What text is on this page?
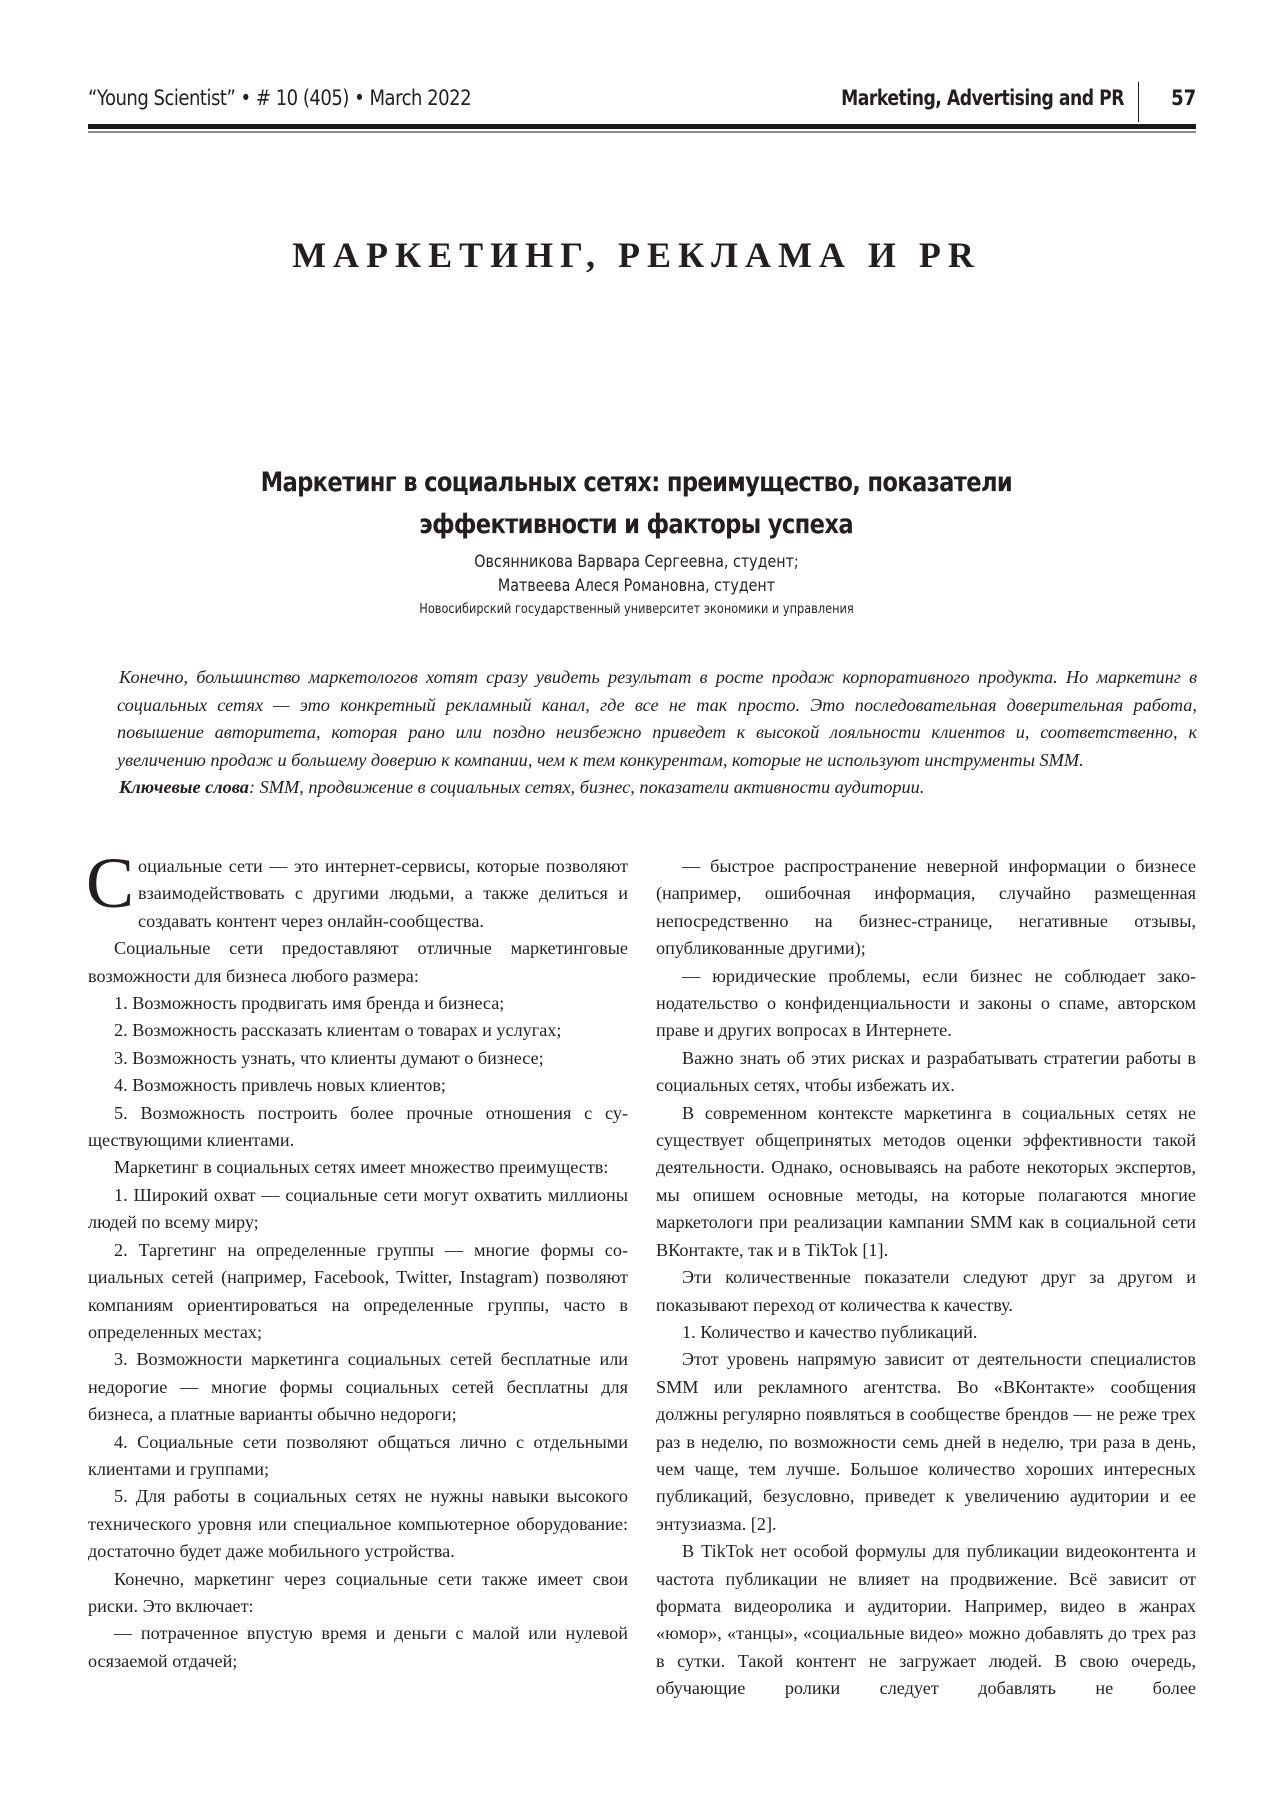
“Young Scientist” • # 10 (405) • March 2022	Marketing, Advertising and PR 57
МАРКЕТИНГ, РЕКЛАМА И PR
Маркетинг в социальных сетях: преимущество, показатели
эффективности и факторы успеха
Овсянникова Варвара Сергеевна, студент;
Матвеева Алеся Романовна, студент
Новосибирский государственный университет экономики и управления

Конечно, большинство маркетологов хотят сразу увидеть результат в росте продаж корпоративного продукта. Но маркетинг в социальных сетях — это конкретный рекламный канал, где все не так просто. Это последовательная доверительная работа, повышение авторитета, которая рано или поздно неизбежно приведет к высокой лояльности клиентов и, соответственно, к увеличению продаж и большему доверию к компании, чем к тем конкурентам, которые не используют инструменты SMM.

Ключевые слова: SMM, продвижение в социальных сетях, бизнес, показатели активности аудитории.

Социальные сети — это интернет-сервисы, которые позволяют взаимодействовать с другими людьми, а также делиться и создавать контент через онлайн-сообщества.

Социальные сети предоставляют отличные маркетинговые возможности для бизнеса любого размера:

1. Возможность продвигать имя бренда и бизнеса;

2. Возможность рассказать клиентам о товарах и услугах;

3. Возможность узнать, что клиенты думают о бизнесе;

4. Возможность привлечь новых клиентов;

5. Возможность построить более прочные отношения с существующими клиентами.

Маркетинг в социальных сетях имеет множество преимуществ:

1. Широкий охват — социальные сети могут охватить миллионы людей по всему миру;

2. Таргетинг на определенные группы — многие формы социальных сетей (например, Facebook, Twitter, Instagram) позволяют компаниям ориентироваться на определенные группы, часто в определенных местах;

3. Возможности маркетинга социальных сетей бесплатные или недорогие — многие формы социальных сетей бесплатны для бизнеса, а платные варианты обычно недороги;

4. Социальные сети позволяют общаться лично с отдельными клиентами и группами;

5. Для работы в социальных сетях не нужны навыки высокого технического уровня или специальное компьютерное оборудование: достаточно будет даже мобильного устройства.

Конечно, маркетинг через социальные сети также имеет свои риски. Это включает:

— потраченное впустую время и деньги с малой или нулевой осязаемой отдачей;

— быстрое распространение неверной информации о бизнесе (например, ошибочная информация, случайно размещенная непосредственно на бизнес-странице, негативные отзывы, опубликованные другими);

— юридические проблемы, если бизнес не соблюдает законодательство о конфиденциальности и законы о спаме, авторском праве и других вопросах в Интернете.

Важно знать об этих рисках и разрабатывать стратегии работы в социальных сетях, чтобы избежать их.

В современном контексте маркетинга в социальных сетях не существует общепринятых методов оценки эффективности такой деятельности. Однако, основываясь на работе некоторых экспертов, мы опишем основные методы, на которые полагаются многие маркетологи при реализации кампании SMM как в социальной сети ВКонтакте, так и в TikTok [1].

Эти количественные показатели следуют друг за другом и показывают переход от количества к качеству.

1. Количество и качество публикаций.

Этот уровень напрямую зависит от деятельности специалистов SMM или рекламного агентства. Во «ВКонтакте» сообщения должны регулярно появляться в сообществе брендов — не реже трех раз в неделю, по возможности семь дней в неделю, три раза в день, чем чаще, тем лучше. Большое количество хороших интересных публикаций, безусловно, приведет к увеличению аудитории и ее энтузиазма. [2].

В TikTok нет особой формулы для публикации видеоконтента и частота публикации не влияет на продвижение. Всё зависит от формата видеоролика и аудитории. Например, видео в жанрах «юмор», «танцы», «социальные видео» можно добавлять до трех раз в сутки. Такой контент не загружает людей. В свою очередь, обучающие ролики следует добавлять не более
